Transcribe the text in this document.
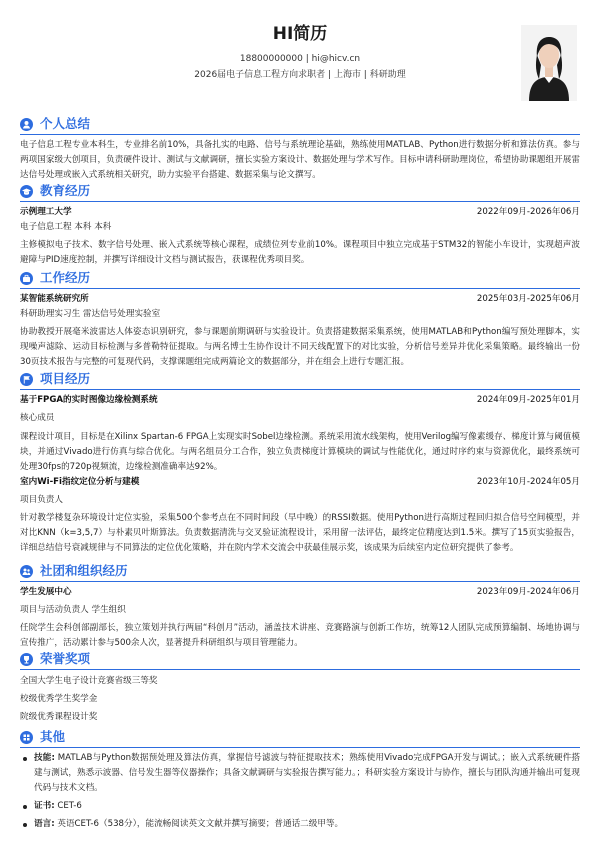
HI简历
18800000000 | hi@hicv.cn
2026届电子信息工程方向求职者 | 上海市 | 科研助理
个人总结
电子信息工程专业本科生，专业排名前10%，具备扎实的电路、信号与系统理论基础，熟练使用MATLAB、Python进行数据分析和算法仿真。参与两项国家级大创项目，负责硬件设计、测试与文献调研，擅长实验方案设计、数据处理与学术写作。目标申请科研助理岗位，希望协助课题组开展雷达信号处理或嵌入式系统相关研究，助力实验平台搭建、数据采集与论文撰写。
教育经历
示例理工大学	2022年09月-2026年06月
电子信息工程 本科 本科
主修模拟电子技术、数字信号处理、嵌入式系统等核心课程，成绩位列专业前10%。课程项目中独立完成基于STM32的智能小车设计，实现超声波避障与PID速度控制，并撰写详细设计文档与测试报告，获课程优秀项目奖。
工作经历
某智能系统研究所	2025年03月-2025年06月
科研助理实习生 雷达信号处理实验室
协助教授开展毫米波雷达人体姿态识别研究，参与课题前期调研与实验设计。负责搭建数据采集系统，使用MATLAB和Python编写预处理脚本，实现噪声滤除、运动目标检测与多普勒特征提取。与两名博士生协作设计不同天线配置下的对比实验，分析信号差异并优化采集策略。最终输出一份30页技术报告与完整的可复现代码，支撑课题组完成两篇论文的数据部分，并在组会上进行专题汇报。
项目经历
基于FPGA的实时图像边缘检测系统	2024年09月-2025年01月
核心成员
课程设计项目，目标是在Xilinx Spartan-6 FPGA上实现实时Sobel边缘检测。系统采用流水线架构，使用Verilog编写像素缓存、梯度计算与阈值模块，并通过Vivado进行仿真与综合优化。与两名组员分工合作，独立负责梯度计算模块的调试与性能优化，通过时序约束与资源优化，最终系统可处理30fps的720p视频流，边缘检测准确率达92%。
室内Wi-Fi指纹定位分析与建模	2023年10月-2024年05月
项目负责人
针对教学楼复杂环境设计定位实验，采集500个参考点在不同时间段（早中晚）的RSSI数据。使用Python进行高斯过程回归拟合信号空间模型，并对比KNN（k=3,5,7）与朴素贝叶斯算法。负责数据清洗与交叉验证流程设计，采用留一法评估，最终定位精度达到1.5米。撰写了15页实验报告，详细总结信号衰减规律与不同算法的定位优化策略，并在院内学术交流会中获最佳展示奖，该成果为后续室内定位研究提供了参考。
社团和组织经历
学生发展中心	2023年09月-2024年06月
项目与活动负责人 学生组织
任院学生会科创部副部长，独立策划并执行两届“科创月”活动，涵盖技术讲座、竞赛路演与创新工作坊，统筹12人团队完成预算编制、场地协调与宣传推广，活动累计参与500余人次，显著提升科研组织与项目管理能力。
荣誉奖项
全国大学生电子设计竞赛省级三等奖
校级优秀学生奖学金
院级优秀课程设计奖
其他
技能: MATLAB与Python数据预处理及算法仿真，掌握信号滤波与特征提取技术；熟练使用Vivado完成FPGA开发与调试。；嵌入式系统硬件搭建与测试，熟悉示波器、信号发生器等仪器操作；具备文献调研与实验报告撰写能力。；科研实验方案设计与协作，擅长与团队沟通并输出可复现代码与技术文档。
证书: CET-6
语言: 英语CET-6（538分），能流畅阅读英文文献并撰写摘要；普通话二级甲等。
